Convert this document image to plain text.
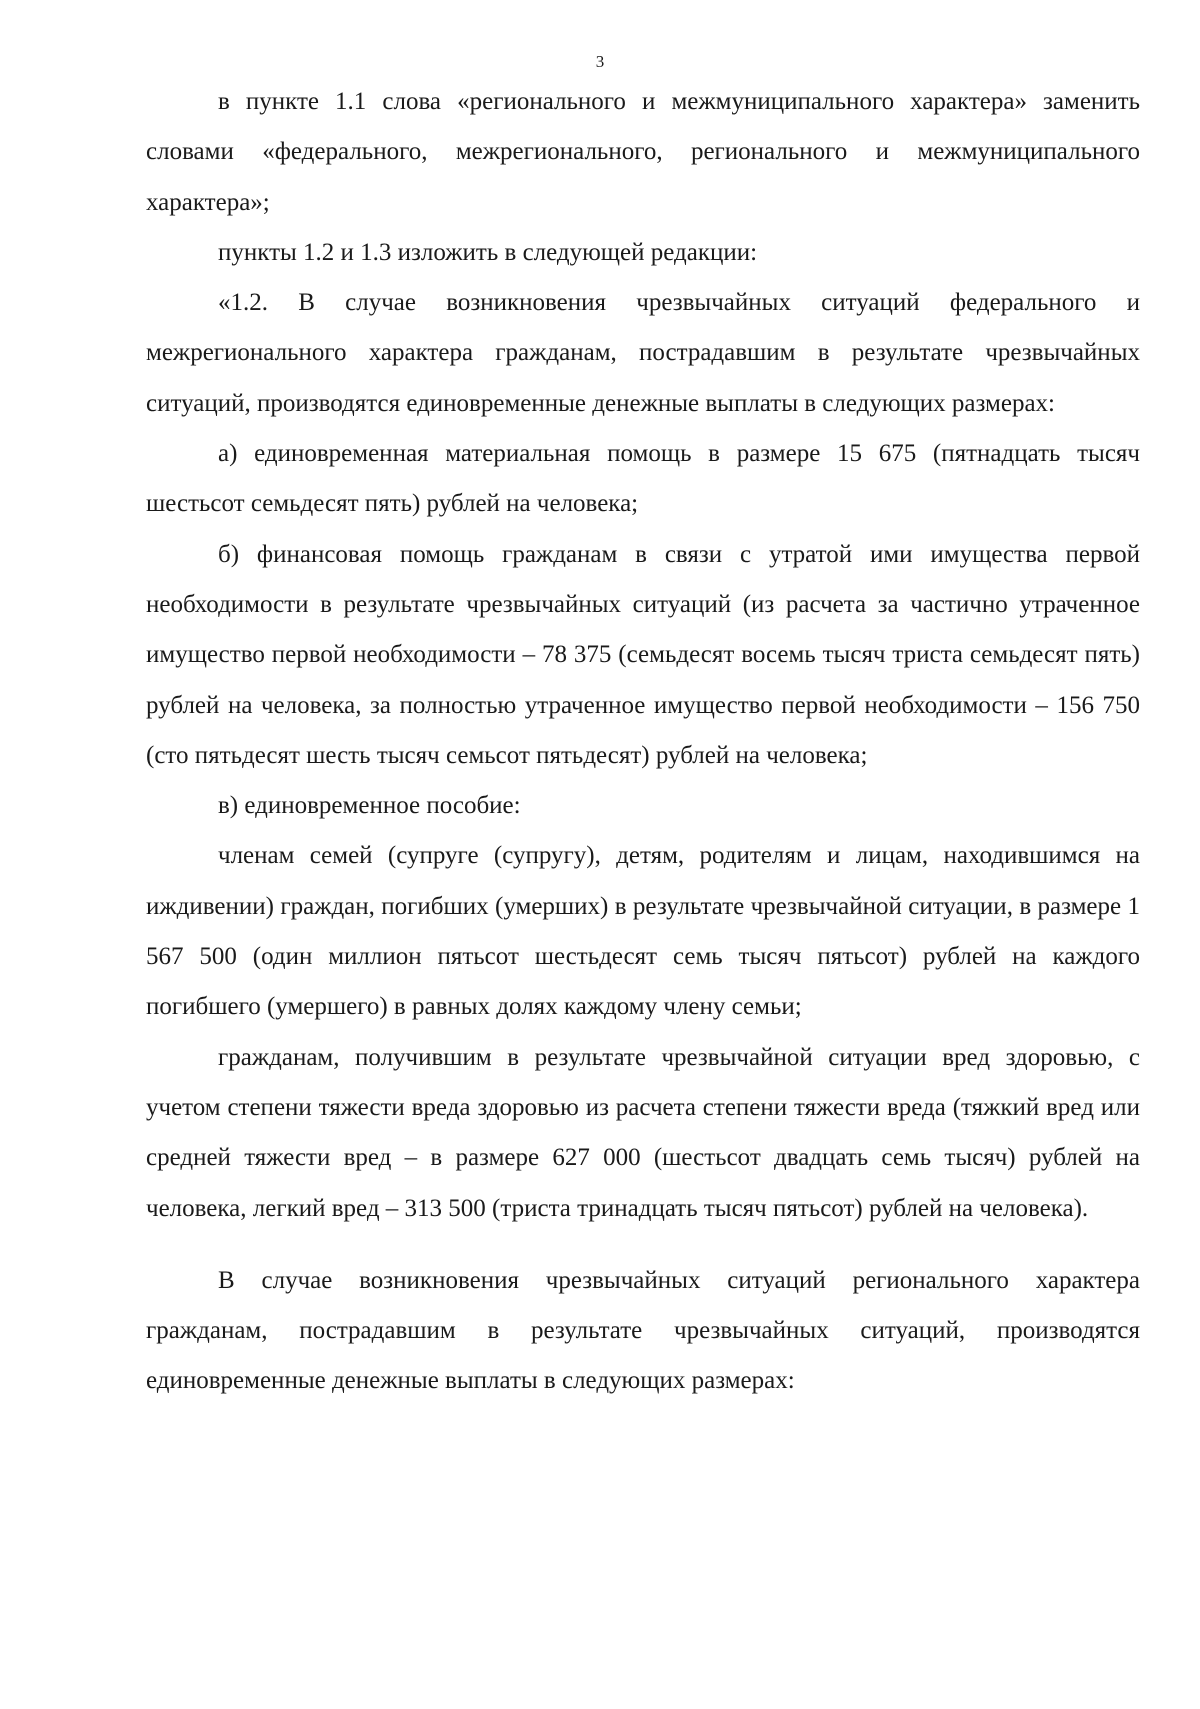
3

в пункте 1.1 слова «регионального и межмуниципального характера» заменить словами «федерального, межрегионального, регионального и межмуниципального характера»;

пункты 1.2 и 1.3 изложить в следующей редакции:

«1.2. В случае возникновения чрезвычайных ситуаций федерального и межрегионального характера гражданам, пострадавшим в результате чрезвычайных ситуаций, производятся единовременные денежные выплаты в следующих размерах:

а) единовременная материальная помощь в размере 15 675 (пятнадцать тысяч шестьсот семьдесят пять) рублей на человека;

б) финансовая помощь гражданам в связи с утратой ими имущества первой необходимости в результате чрезвычайных ситуаций (из расчета за частично утраченное имущество первой необходимости – 78 375 (семьдесят восемь тысяч триста семьдесят пять) рублей на человека, за полностью утраченное имущество первой необходимости – 156 750 (сто пятьдесят шесть тысяч семьсот пятьдесят) рублей на человека;

в) единовременное пособие:

членам семей (супруге (супругу), детям, родителям и лицам, находившимся на иждивении) граждан, погибших (умерших) в результате чрезвычайной ситуации, в размере 1 567 500 (один миллион пятьсот шестьдесят семь тысяч пятьсот) рублей на каждого погибшего (умершего) в равных долях каждому члену семьи;

гражданам, получившим в результате чрезвычайной ситуации вред здоровью, с учетом степени тяжести вреда здоровью из расчета степени тяжести вреда (тяжкий вред или средней тяжести вред – в размере 627 000 (шестьсот двадцать семь тысяч) рублей на человека, легкий вред – 313 500 (триста тринадцать тысяч пятьсот) рублей на человека).

В случае возникновения чрезвычайных ситуаций регионального характера гражданам, пострадавшим в результате чрезвычайных ситуаций, производятся единовременные денежные выплаты в следующих размерах:
